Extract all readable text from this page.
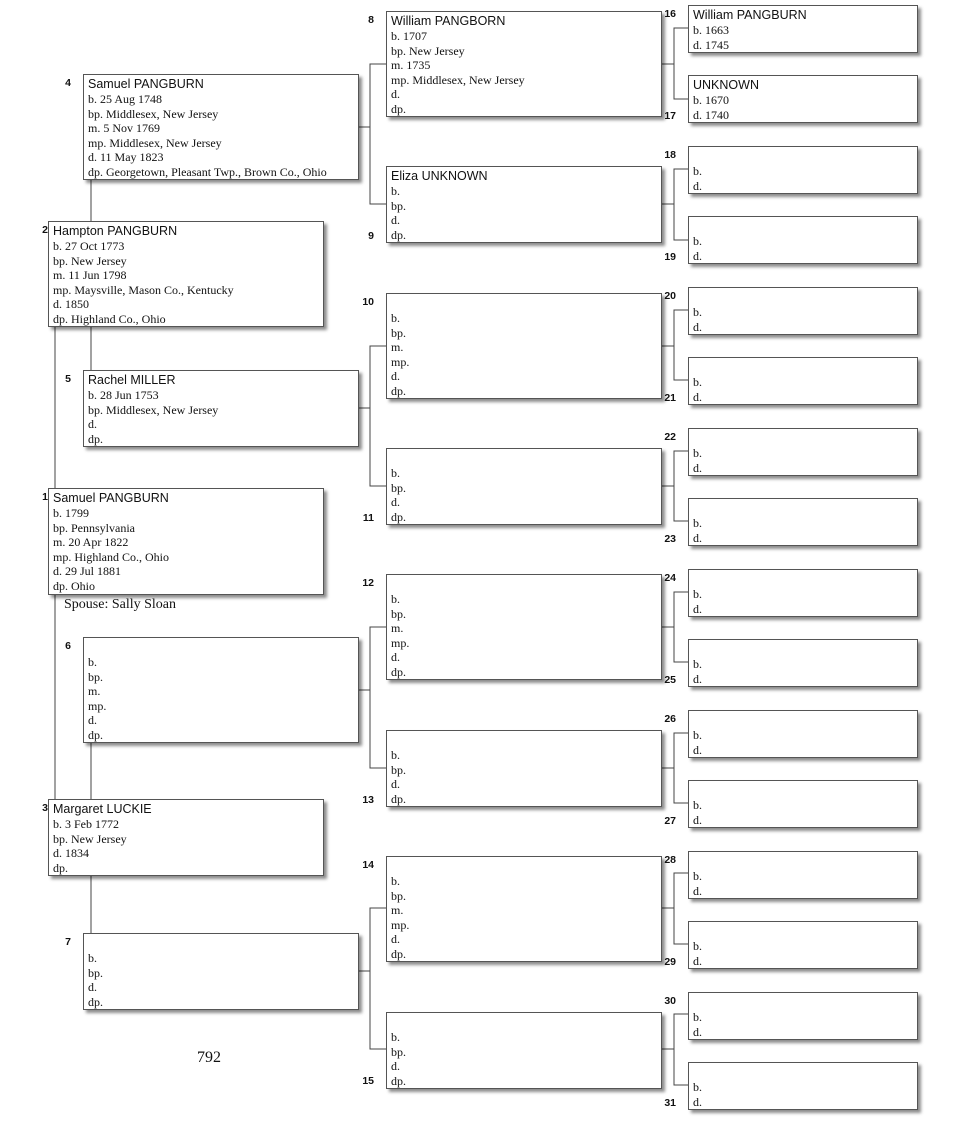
1 Samuel PANGBURN
b. 1799
bp. Pennsylvania
m. 20 Apr 1822
mp. Highland Co., Ohio
d. 29 Jul 1881
dp. Ohio
2 Hampton PANGBURN
b. 27 Oct 1773
bp. New Jersey
m. 11 Jun 1798
mp. Maysville, Mason Co., Kentucky
d. 1850
dp. Highland Co., Ohio
3 Margaret LUCKIE
b. 3 Feb 1772
bp. New Jersey
d. 1834
dp.
4 Samuel PANGBURN
b. 25 Aug 1748
bp. Middlesex, New Jersey
m. 5 Nov 1769
mp. Middlesex, New Jersey
d. 11 May 1823
dp. Georgetown, Pleasant Twp., Brown Co., Ohio
5 Rachel MILLER
b. 28 Jun 1753
bp. Middlesex, New Jersey
d.
dp.
6
b.
bp.
m.
mp.
d.
dp.
7
b.
bp.
d.
dp.
8 William PANGBORN
b. 1707
bp. New Jersey
m. 1735
mp. Middlesex, New Jersey
d.
dp.
9
Eliza UNKNOWN
b.
bp.
d.
dp.
10
b.
bp.
m.
mp.
d.
dp.
11
b.
bp.
d.
dp.
12
b.
bp.
m.
mp.
d.
dp.
13
b.
bp.
d.
dp.
14
b.
bp.
m.
mp.
d.
dp.
15
b.
bp.
d.
dp.
16 William PANGBURN
b. 1663
d. 1745
17
UNKNOWN
b. 1670
d. 1740
18
b.
d.
19
b.
d.
20
b.
d.
21
b.
d.
22
b.
d.
23
b.
d.
24
b.
d.
25
b.
d.
26
b.
d.
27
b.
d.
28
b.
d.
29
b.
d.
30
b.
d.
31
b.
d.
Spouse: Sally Sloan
792
